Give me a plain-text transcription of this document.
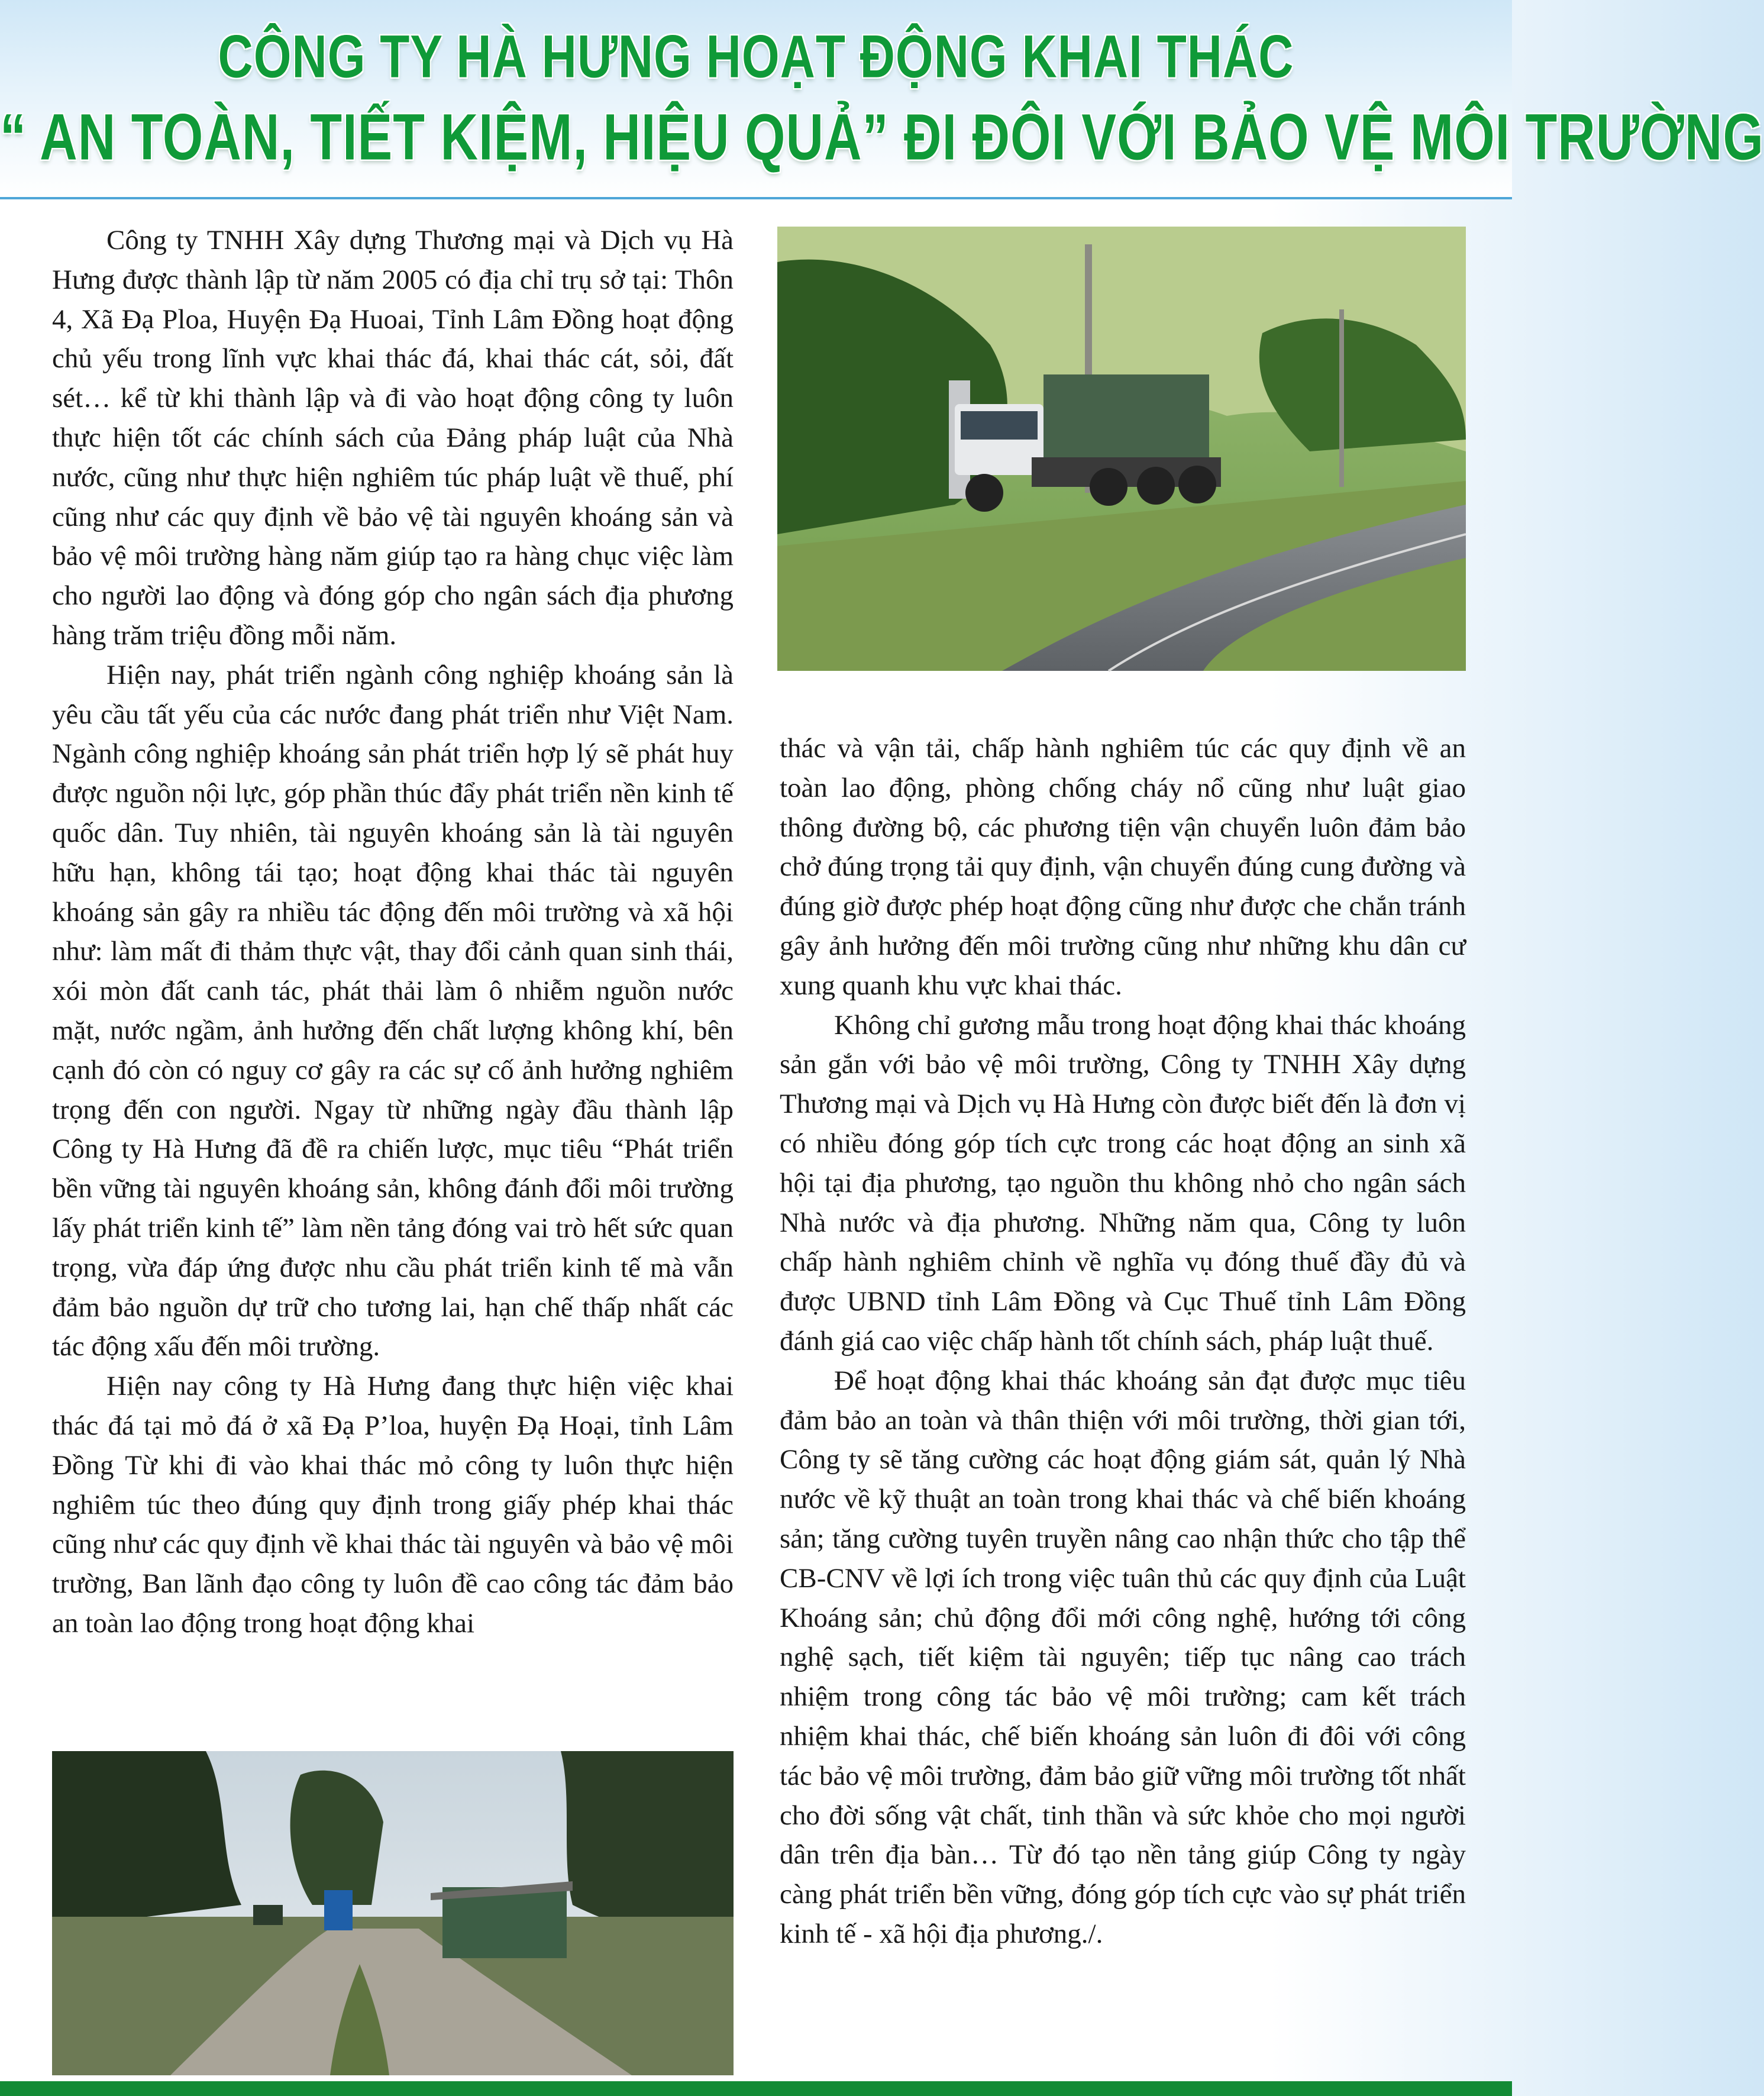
CÔNG TY HÀ HƯNG HOẠT ĐỘNG KHAI THÁC
“ AN TOÀN, TIẾT KIỆM, HIỆU QUẢ” ĐI ĐÔI VỚI BẢO VỆ MÔI TRƯỜNG

Công ty TNHH Xây dựng Thương mại và Dịch vụ Hà Hưng được thành lập từ năm 2005 có địa chỉ trụ sở tại: Thôn 4, Xã Đạ Ploa, Huyện Đạ Huoai, Tỉnh Lâm Đồng hoạt động chủ yếu trong lĩnh vực khai thác đá, khai thác cát, sỏi, đất sét… kể từ khi thành lập và đi vào hoạt động công ty luôn thực hiện tốt các chính sách của Đảng pháp luật của Nhà nước, cũng như thực hiện nghiêm túc pháp luật về thuế, phí cũng như các quy định về bảo vệ tài nguyên khoáng sản và bảo vệ môi trường hàng năm giúp tạo ra hàng chục việc làm cho người lao động và đóng góp cho ngân sách địa phương hàng trăm triệu đồng mỗi năm.

Hiện nay, phát triển ngành công nghiệp khoáng sản là yêu cầu tất yếu của các nước đang phát triển như Việt Nam. Ngành công nghiệp khoáng sản phát triển hợp lý sẽ phát huy được nguồn nội lực, góp phần thúc đẩy phát triển nền kinh tế quốc dân. Tuy nhiên, tài nguyên khoáng sản là tài nguyên hữu hạn, không tái tạo; hoạt động khai thác tài nguyên khoáng sản gây ra nhiều tác động đến môi trường và xã hội như: làm mất đi thảm thực vật, thay đổi cảnh quan sinh thái, xói mòn đất canh tác, phát thải làm ô nhiễm nguồn nước mặt, nước ngầm, ảnh hưởng đến chất lượng không khí, bên cạnh đó còn có nguy cơ gây ra các sự cố ảnh hưởng nghiêm trọng đến con người. Ngay từ những ngày đầu thành lập Công ty Hà Hưng đã đề ra chiến lược, mục tiêu “Phát triển bền vững tài nguyên khoáng sản, không đánh đổi môi trường lấy phát triển kinh tế” làm nền tảng đóng vai trò hết sức quan trọng, vừa đáp ứng được nhu cầu phát triển kinh tế mà vẫn đảm bảo nguồn dự trữ cho tương lai, hạn chế thấp nhất các tác động xấu đến môi trường.

Hiện nay công ty Hà Hưng đang thực hiện việc khai thác đá tại mỏ đá ở xã Đạ P’loa, huyện Đạ Hoại, tỉnh Lâm Đồng Từ khi đi vào khai thác mỏ công ty luôn thực hiện nghiêm túc theo đúng quy định trong giấy phép khai thác cũng như các quy định về khai thác tài nguyên và bảo vệ môi trường, Ban lãnh đạo công ty luôn đề cao công tác đảm bảo an toàn lao động trong hoạt động khai

thác và vận tải, chấp hành nghiêm túc các quy định về an toàn lao động, phòng chống cháy nổ cũng như luật giao thông đường bộ, các phương tiện vận chuyển luôn đảm bảo chở đúng trọng tải quy định, vận chuyển đúng cung đường và đúng giờ được phép hoạt động cũng như được che chắn tránh gây ảnh hưởng đến môi trường cũng như những khu dân cư xung quanh khu vực khai thác.

Không chỉ gương mẫu trong hoạt động khai thác khoáng sản gắn với bảo vệ môi trường, Công ty TNHH Xây dựng Thương mại và Dịch vụ Hà Hưng còn được biết đến là đơn vị có nhiều đóng góp tích cực trong các hoạt động an sinh xã hội tại địa phương, tạo nguồn thu không nhỏ cho ngân sách Nhà nước và địa phương. Những năm qua, Công ty luôn chấp hành nghiêm chỉnh về nghĩa vụ đóng thuế đầy đủ và được UBND tỉnh Lâm Đồng và Cục Thuế tỉnh Lâm Đồng đánh giá cao việc chấp hành tốt chính sách, pháp luật thuế.

Để hoạt động khai thác khoáng sản đạt được mục tiêu đảm bảo an toàn và thân thiện với môi trường, thời gian tới, Công ty sẽ tăng cường các hoạt động giám sát, quản lý Nhà nước về kỹ thuật an toàn trong khai thác và chế biến khoáng sản; tăng cường tuyên truyền nâng cao nhận thức cho tập thể CB-CNV về lợi ích trong việc tuân thủ các quy định của Luật Khoáng sản; chủ động đổi mới công nghệ, hướng tới công nghệ sạch, tiết kiệm tài nguyên; tiếp tục nâng cao trách nhiệm trong công tác bảo vệ môi trường; cam kết trách nhiệm khai thác, chế biến khoáng sản luôn đi đôi với công tác bảo vệ môi trường, đảm bảo giữ vững môi trường tốt nhất cho đời sống vật chất, tinh thần và sức khỏe cho mọi người dân trên địa bàn… Từ đó tạo nền tảng giúp Công ty ngày càng phát triển bền vững, đóng góp tích cực vào sự phát triển kinh tế - xã hội địa phương./.
